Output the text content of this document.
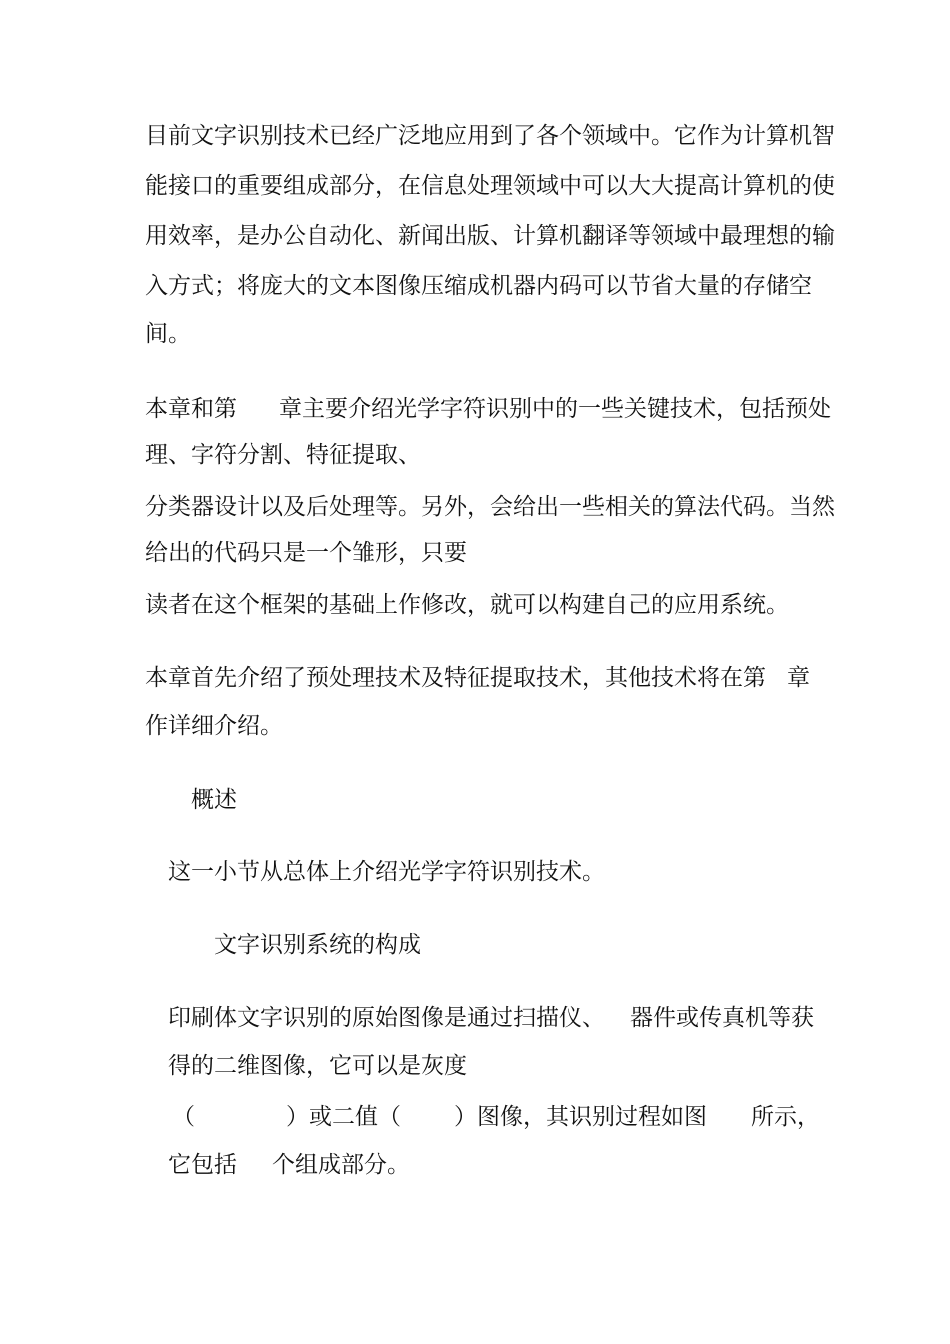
目前文字识别技术已经广泛地应用到了各个领域中。它作为计算机智
能接口的重要组成部分，在信息处理领域中可以大大提高计算机的使
用效率，是办公自动化、新闻出版、计算机翻译等领域中最理想的输
入方式；将庞大的文本图像压缩成机器内码可以节省大量的存储空
间。
本章和第 章主要介绍光学字符识别中的一些关键技术，包括预处
理、字符分割、特征提取、
分类器设计以及后处理等。另外，会给出一些相关的算法代码。当然
给出的代码只是一个雏形，只要
读者在这个框架的基础上作修改，就可以构建自己的应用系统。
本章首先介绍了预处理技术及特征提取技术，其他技术将在第 章
作详细介绍。
概述
这一小节从总体上介绍光学字符识别技术。
文字识别系统的构成
印刷体文字识别的原始图像是通过扫描仪、 器件或传真机等获
得的二维图像，它可以是灰度
（	）或二值（ ）图像，其识别过程如图 所示，
它包括 个组成部分。
